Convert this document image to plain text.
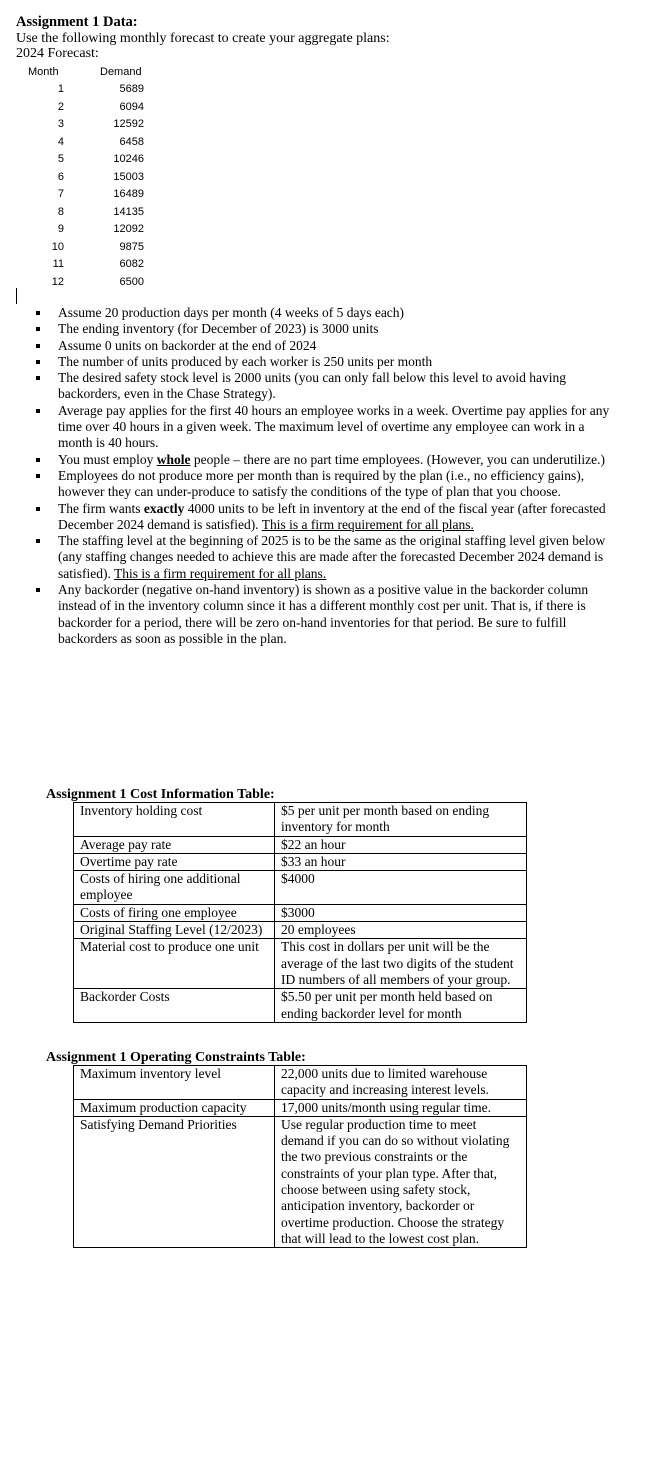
Assignment 1 Data:
Use the following monthly forecast to create your aggregate plans:
2024 Forecast:
Month	Demand
1	5689
2	6094
3	12592
4	6458
5	10246
6	15003
7	16489
8	14135
9	12092
10	9875
11	6082
12	6500
Assume 20 production days per month (4 weeks of 5 days each)
The ending inventory (for December of 2023) is 3000 units
Assume 0 units on backorder at the end of 2024
The number of units produced by each worker is 250 units per month
The desired safety stock level is 2000 units (you can only fall below this level to avoid having backorders, even in the Chase Strategy).
Average pay applies for the first 40 hours an employee works in a week. Overtime pay applies for any time over 40 hours in a given week. The maximum level of overtime any employee can work in a month is 40 hours.
You must employ whole people – there are no part time employees. (However, you can underutilize.)
Employees do not produce more per month than is required by the plan (i.e., no efficiency gains), however they can under-produce to satisfy the conditions of the type of plan that you choose.
The firm wants exactly 4000 units to be left in inventory at the end of the fiscal year (after forecasted December 2024 demand is satisfied). This is a firm requirement for all plans.
The staffing level at the beginning of 2025 is to be the same as the original staffing level given below (any staffing changes needed to achieve this are made after the forecasted December 2024 demand is satisfied). This is a firm requirement for all plans.
Any backorder (negative on-hand inventory) is shown as a positive value in the backorder column instead of in the inventory column since it has a different monthly cost per unit. That is, if there is backorder for a period, there will be zero on-hand inventories for that period. Be sure to fulfill backorders as soon as possible in the plan.
Assignment 1 Cost Information Table:
Inventory holding cost	$5 per unit per month based on ending inventory for month
Average pay rate	$22 an hour
Overtime pay rate	$33 an hour
Costs of hiring one additional employee	$4000
Costs of firing one employee	$3000
Original Staffing Level (12/2023)	20 employees
Material cost to produce one unit	This cost in dollars per unit will be the average of the last two digits of the student ID numbers of all members of your group.
Backorder Costs	$5.50 per unit per month held based on ending backorder level for month
Assignment 1 Operating Constraints Table:
Maximum inventory level	22,000 units due to limited warehouse capacity and increasing interest levels.
Maximum production capacity	17,000 units/month using regular time.
Satisfying Demand Priorities	Use regular production time to meet demand if you can do so without violating the two previous constraints or the constraints of your plan type. After that, choose between using safety stock, anticipation inventory, backorder or overtime production. Choose the strategy that will lead to the lowest cost plan.
